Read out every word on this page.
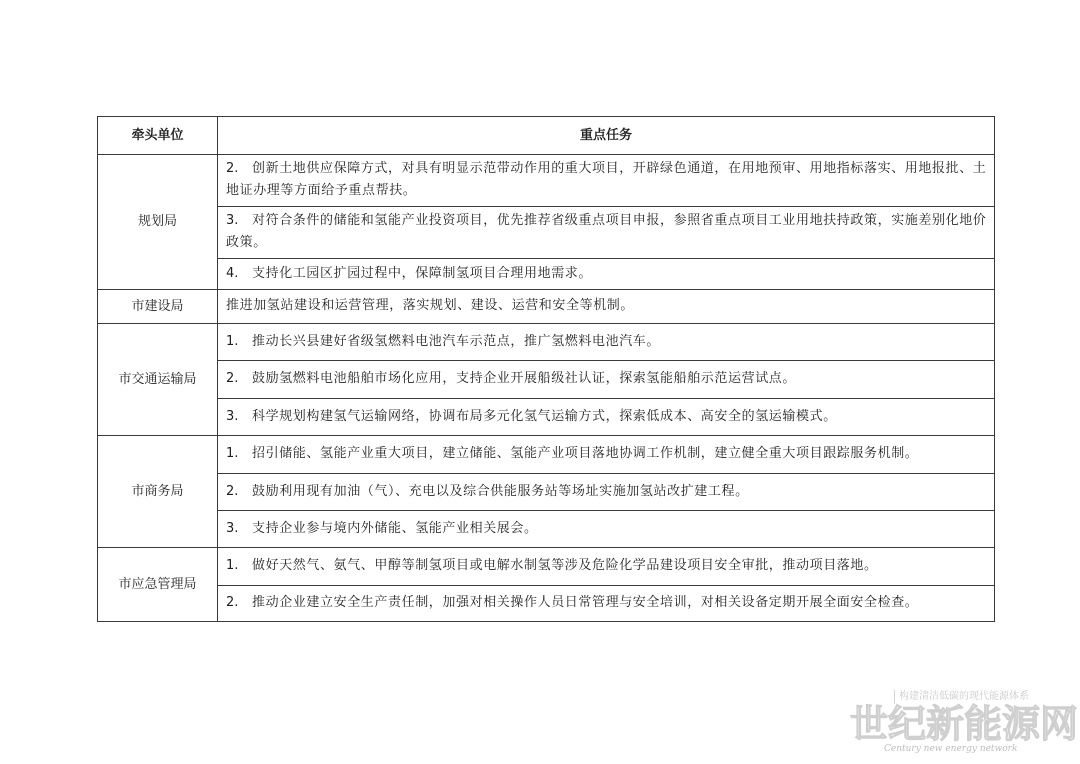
牵头单位	重点任务
规划局	2. 创新土地供应保障方式，对具有明显示范带动作用的重大项目，开辟绿色通道，在用地预审、用地指标落实、用地报批、土地证办理等方面给予重点帮扶。
	3. 对符合条件的储能和氢能产业投资项目，优先推荐省级重点项目申报，参照省重点项目工业用地扶持政策，实施差别化地价政策。
	4. 支持化工园区扩园过程中，保障制氢项目合理用地需求。
市建设局	推进加氢站建设和运营管理，落实规划、建设、运营和安全等机制。
市交通运输局	1. 推动长兴县建好省级氢燃料电池汽车示范点，推广氢燃料电池汽车。
	2. 鼓励氢燃料电池船舶市场化应用，支持企业开展船级社认证，探索氢能船舶示范运营试点。
	3. 科学规划构建氢气运输网络，协调布局多元化氢气运输方式，探索低成本、高安全的氢运输模式。
市商务局	1. 招引储能、氢能产业重大项目，建立储能、氢能产业项目落地协调工作机制，建立健全重大项目跟踪服务机制。
	2. 鼓励利用现有加油（气）、充电以及综合供能服务站等场址实施加氢站改扩建工程。
	3. 支持企业参与境内外储能、氢能产业相关展会。
市应急管理局	1. 做好天然气、氨气、甲醇等制氢项目或电解水制氢等涉及危险化学品建设项目安全审批，推动项目落地。
	2. 推动企业建立安全生产责任制，加强对相关操作人员日常管理与安全培训，对相关设备定期开展全面安全检查。
构建清洁低碳的现代能源体系
世纪新能源网
Century new energy network
